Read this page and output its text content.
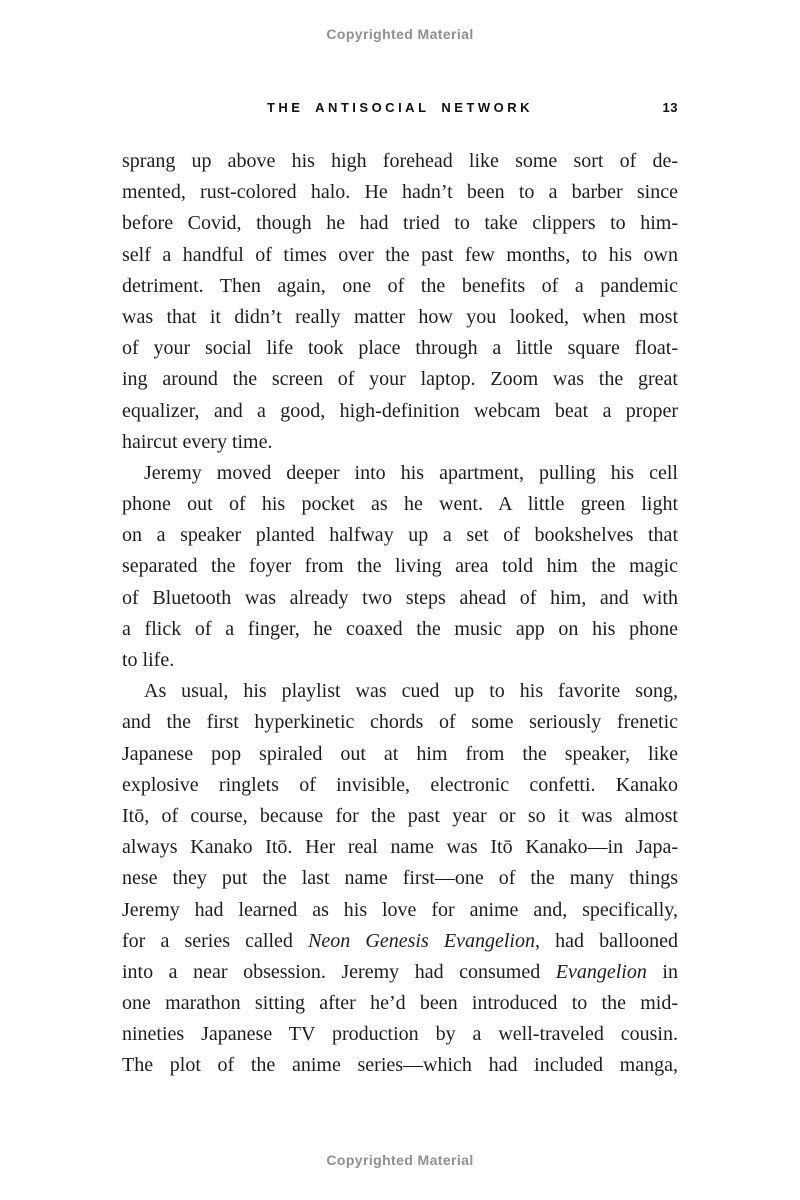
Copyrighted Material
THE ANTISOCIAL NETWORK	13
sprang up above his high forehead like some sort of de-
mented, rust-colored halo. He hadn’t been to a barber since
before Covid, though he had tried to take clippers to him-
self a handful of times over the past few months, to his own
detriment. Then again, one of the benefits of a pandemic
was that it didn’t really matter how you looked, when most
of your social life took place through a little square float-
ing around the screen of your laptop. Zoom was the great
equalizer, and a good, high-definition webcam beat a proper
haircut every time.
Jeremy moved deeper into his apartment, pulling his cell
phone out of his pocket as he went. A little green light
on a speaker planted halfway up a set of bookshelves that
separated the foyer from the living area told him the magic
of Bluetooth was already two steps ahead of him, and with
a flick of a finger, he coaxed the music app on his phone
to life.
As usual, his playlist was cued up to his favorite song,
and the first hyperkinetic chords of some seriously frenetic
Japanese pop spiraled out at him from the speaker, like
explosive ringlets of invisible, electronic confetti. Kanako
Itō, of course, because for the past year or so it was almost
always Kanako Itō. Her real name was Itō Kanako—in Japa-
nese they put the last name first—one of the many things
Jeremy had learned as his love for anime and, specifically,
for a series called Neon Genesis Evangelion, had ballooned
into a near obsession. Jeremy had consumed Evangelion in
one marathon sitting after he’d been introduced to the mid-
nineties Japanese TV production by a well-traveled cousin.
The plot of the anime series—which had included manga,
Copyrighted Material
